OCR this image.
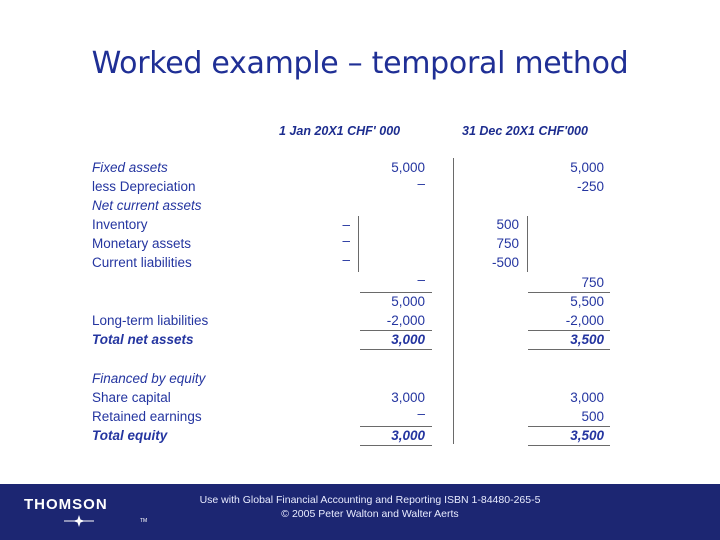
Worked example – temporal method
1 Jan 20X1 CHF' 000	31 Dec 20X1 CHF'000
Fixed assets
less Depreciation
Net current assets
Inventory
Monetary assets
Current liabilities
Long-term liabilities
Total net assets
Financed by equity
Share capital
Retained earnings
Total equity
5,000
–
–
–
–
–
5,000
-2,000
3,000
3,000
–
3,000
5,000
-250
500
750
-500
750
5,500
-2,000
3,500
3,000
500
3,500
THOMSON
TM
Use with Global Financial Accounting and Reporting ISBN 1-84480-265-5
© 2005 Peter Walton and Walter Aerts
